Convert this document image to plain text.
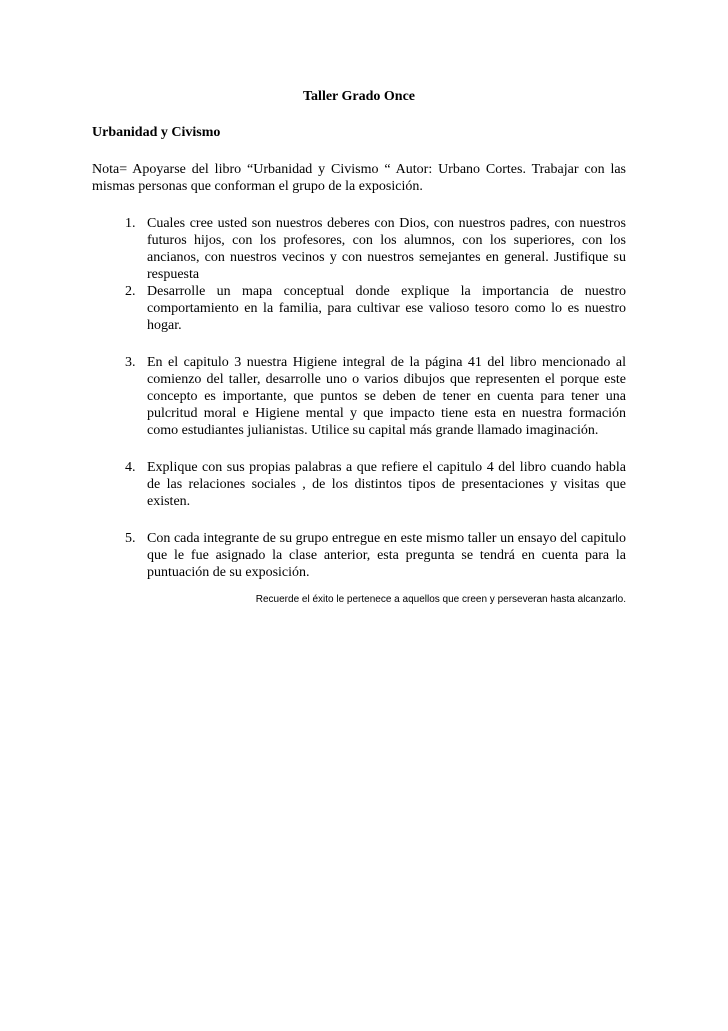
Taller Grado Once

Urbanidad y Civismo

Nota= Apoyarse del libro “Urbanidad y Civismo “ Autor: Urbano Cortes. Trabajar con las mismas personas que conforman el grupo de la exposición.

1. Cuales cree usted son nuestros deberes con Dios, con nuestros padres, con nuestros futuros hijos, con los profesores, con los alumnos, con los superiores, con los ancianos, con nuestros vecinos y con nuestros semejantes en general. Justifique su respuesta
2. Desarrolle un mapa conceptual donde explique la importancia de nuestro comportamiento en la familia, para cultivar ese valioso tesoro como lo es nuestro hogar.
3. En el capitulo 3 nuestra Higiene integral de la página 41 del libro mencionado al comienzo del taller, desarrolle uno o varios dibujos que representen el porque este concepto es importante, que puntos se deben de tener en cuenta para tener una pulcritud moral e Higiene mental y que impacto tiene esta en nuestra formación como estudiantes julianistas. Utilice su capital más grande llamado imaginación.
4. Explique con sus propias palabras a que refiere el capitulo 4 del libro cuando habla de las relaciones sociales , de los distintos tipos de presentaciones y visitas que existen.
5. Con cada integrante de su grupo entregue en este mismo taller un ensayo del capitulo que le fue asignado la clase anterior, esta pregunta se tendrá en cuenta para la puntuación de su exposición.

Recuerde el éxito le pertenece a aquellos que creen y perseveran hasta alcanzarlo.
